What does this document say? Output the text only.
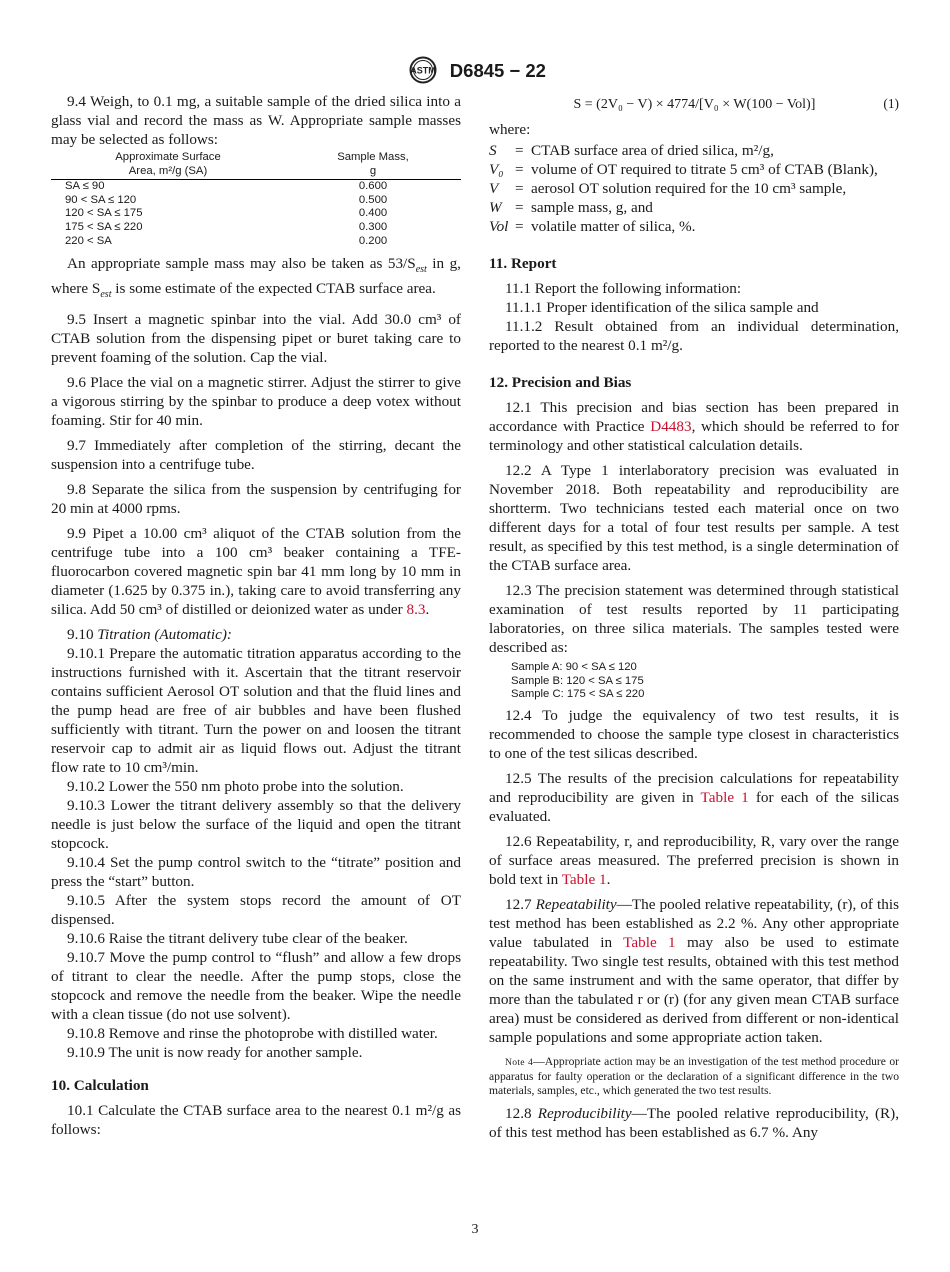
ASTM D6845 − 22

9.4 Weigh, to 0.1 mg, a suitable sample of the dried silica into a glass vial and record the mass as W. Appropriate sample masses may be selected as follows:

Approximate Surface
Area, m²/g (SA)	Sample Mass,
g
SA ≤ 90	0.600
90 < SA ≤ 120	0.500
120 < SA ≤ 175	0.400
175 < SA ≤ 220	0.300
220 < SA	0.200

An appropriate sample mass may also be taken as $53/S_{est}$ in g, where $S_{est}$ is some estimate of the expected CTAB surface area.

9.5 Insert a magnetic spinbar into the vial. Add 30.0 cm³ of CTAB solution from the dispensing pipet or buret taking care to prevent foaming of the solution. Cap the vial.

9.6 Place the vial on a magnetic stirrer. Adjust the stirrer to give a vigorous stirring by the spinbar to produce a deep votex without foaming. Stir for 40 min.

9.7 Immediately after completion of the stirring, decant the suspension into a centrifuge tube.

9.8 Separate the silica from the suspension by centrifuging for 20 min at 4000 rpms.

9.9 Pipet a 10.00 cm³ aliquot of the CTAB solution from the centrifuge tube into a 100 cm³ beaker containing a TFE-fluorocarbon covered magnetic spin bar 41 mm long by 10 mm in diameter (1.625 by 0.375 in.), taking care to avoid transferring any silica. Add 50 cm³ of distilled or deionized water as under 8.3.

9.10 Titration (Automatic):

9.10.1 Prepare the automatic titration apparatus according to the instructions furnished with it. Ascertain that the titrant reservoir contains sufficient Aerosol OT solution and that the fluid lines and the pump head are free of air bubbles and have been flushed sufficiently with titrant. Turn the power on and loosen the titrant reservoir cap to admit air as liquid flows out. Adjust the titrant flow rate to 10 cm³/min.

9.10.2 Lower the 550 nm photo probe into the solution.

9.10.3 Lower the titrant delivery assembly so that the delivery needle is just below the surface of the liquid and open the titrant stopcock.

9.10.4 Set the pump control switch to the “titrate” position and press the “start” button.

9.10.5 After the system stops record the amount of OT dispensed.

9.10.6 Raise the titrant delivery tube clear of the beaker.

9.10.7 Move the pump control to “flush” and allow a few drops of titrant to clear the needle. After the pump stops, close the stopcock and remove the needle from the beaker. Wipe the needle with a clean tissue (do not use solvent).

9.10.8 Remove and rinse the photoprobe with distilled water.

9.10.9 The unit is now ready for another sample.

10. Calculation

10.1 Calculate the CTAB surface area to the nearest 0.1 m²/g as follows:

S = (2V₀ − V) × 4774/[V₀ × W(100 − Vol)]	(1)

where:

S	=	CTAB surface area of dried silica, m²/g,
V₀	=	volume of OT required to titrate 5 cm³ of CTAB (Blank),
V	=	aerosol OT solution required for the 10 cm³ sample,
W	=	sample mass, g, and
Vol	=	volatile matter of silica, %.
11. Report

11.1 Report the following information:

11.1.1 Proper identification of the silica sample and

11.1.2 Result obtained from an individual determination, reported to the nearest 0.1 m²/g.

12. Precision and Bias

12.1 This precision and bias section has been prepared in accordance with Practice D4483, which should be referred to for terminology and other statistical calculation details.

12.2 A Type 1 interlaboratory precision was evaluated in November 2018. Both repeatability and reproducibility are shortterm. Two technicians tested each material once on two different days for a total of four test results per sample. A test result, as specified by this test method, is a single determination of the CTAB surface area.

12.3 The precision statement was determined through statistical examination of test results reported by 11 participating laboratories, on three silica materials. The samples tested were described as:

Sample A: 90 < SA ≤ 120
Sample B: 120 < SA ≤ 175
Sample C: 175 < SA ≤ 220

12.4 To judge the equivalency of two test results, it is recommended to choose the sample type closest in characteristics to one of the test silicas described.

12.5 The results of the precision calculations for repeatability and reproducibility are given in Table 1 for each of the silicas evaluated.

12.6 Repeatability, r, and reproducibility, R, vary over the range of surface areas measured. The preferred precision is shown in bold text in Table 1.

12.7 Repeatability—The pooled relative repeatability, (r), of this test method has been established as 2.2 %. Any other appropriate value tabulated in Table 1 may also be used to estimate repeatability. Two single test results, obtained with this test method on the same instrument and with the same operator, that differ by more than the tabulated r or (r) (for any given mean CTAB surface area) must be considered as derived from different or non-identical sample populations and some appropriate action taken.

Note 4—Appropriate action may be an investigation of the test method procedure or apparatus for faulty operation or the declaration of a significant difference in the two materials, samples, etc., which generated the two test results.

12.8 Reproducibility—The pooled relative reproducibility, (R), of this test method has been established as 6.7 %. Any

3
